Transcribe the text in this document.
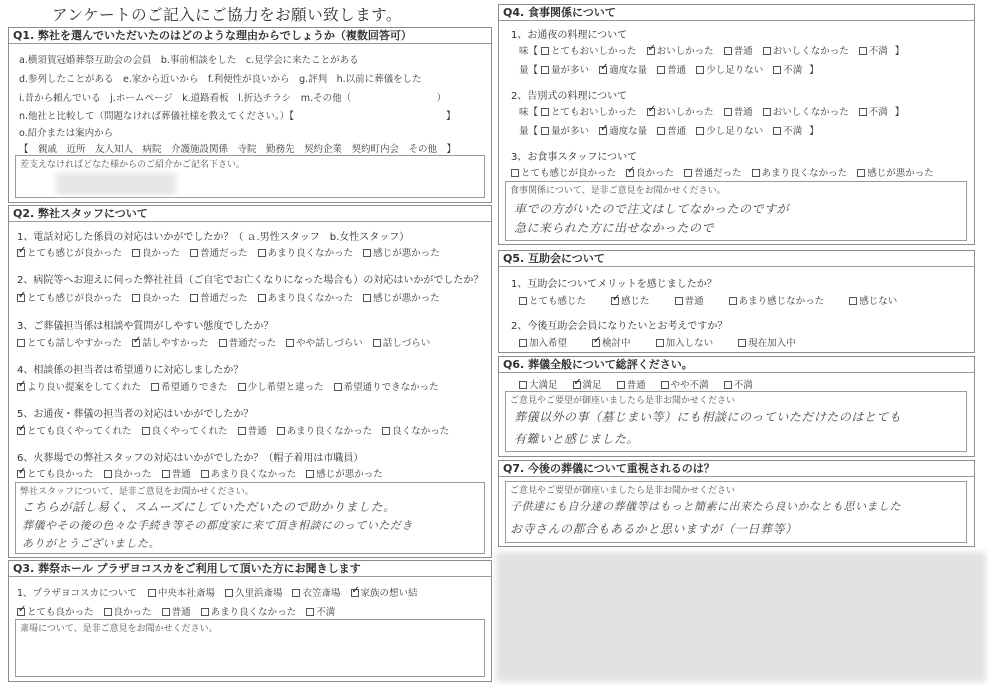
アンケートのご記入にご協力をお願い致します。
Q1. 弊社を選んでいただいたのはどのような理由からでしょうか（複数回答可）
a.横須賀冠婚葬祭互助会の会員　b.事前相談をした　c.見学会に来たことがある
d.参列したことがある　e.家から近いから　f.利便性が良いから　g.評判　h.以前に葬儀をした
i.昔から頼んでいる　j.ホームページ　k.道路看板　l.折込チラシ　m.その他（　　　　　　　　　）
n.他社と比較して（問題なければ葬儀社様を教えてください。）【　　　　　　　　　　　　　　　　】
o.紹介または案内から
【　親戚　近所　友人知人　病院　介護施設関係　寺院　勤務先　契約企業　契約町内会　その他　】
差支えなければどなた様からのご紹介かご記名下さい。
Q2. 弊社スタッフについて
1、電話対応した係員の対応はいかがでしたか？（ ａ.男性スタッフ　b.女性スタッフ）
✓とても感じが良かった 良かった 普通だった あまり良くなかった 感じが悪かった
2、病院等へお迎えに伺った弊社社員（ご自宅でお亡くなりになった場合も）の対応はいかがでしたか？
✓とても感じが良かった 良かった 普通だった あまり良くなかった 感じが悪かった
3、ご葬儀担当係は相談や質問がしやすい態度でしたか？
とても話しやすかった ✓ 話しやすかった 普通だった やや話しづらい 話しづらい
4、相談係の担当者は希望通りに対応しましたか？
✓より良い提案をしてくれた 希望通りできた 少し希望と違った 希望通りできなかった
5、お通夜・葬儀の担当者の対応はいかがでしたか？
✓とても良くやってくれた 良くやってくれた 普通 あまり良くなかった 良くなかった
6、火葬場での弊社スタッフの対応はいかがでしたか？（帽子着用は市職員）
✓とても良かった 良かった 普通 あまり良くなかった 感じが悪かった
弊社スタッフについて、是非ご意見をお聞かせください。
こちらが話し易く、スムーズにしていただいたので助かりました。
葬儀やその後の色々な手続き等その都度家に来て頂き相談にのっていただき
ありがとうございました。
Q3. 葬祭ホール プラザヨコスカをご利用して頂いた方にお聞きします
1、プラザヨコスカについて 中央本社斎場 久里浜斎場 衣笠斎場 ✓ 家族の想い結
✓とても良かった 良かった 普通 あまり良くなかった 不満
斎場について、是非ご意見をお聞かせください。
Q4. 食事関係について
1、お通夜の料理について
味【 とてもおいしかった ✓ おいしかった 普通 おいしくなかった 不満 】
量【 量が多い ✓ 適度な量 普通 少し足りない 不満 】
2、告別式の料理について
味【 とてもおいしかった ✓ おいしかった 普通 おいしくなかった 不満 】
量【 量が多い ✓ 適度な量 普通 少し足りない 不満 】
3、お食事スタッフについて
とても感じが良かった ✓ 良かった 普通だった あまり良くなかった 感じが悪かった
食事関係について、是非ご意見をお聞かせください。
車での方がいたので注文はしてなかったのですが
急に来られた方に出せなかったので
Q5. 互助会について
1、互助会についてメリットを感じましたか？
とても感じた ✓	感じた	普通	あまり感じなかった	感じない
2、今後互助会会員になりたいとお考えですか？
加入希望 ✓	検討中	加入しない	現在加入中
Q6. 葬儀全般について総評ください。
大満足 ✓	満足	普通	やや不満	不満
ご意見やご要望が御座いましたら是非お聞かせください
葬儀以外の事（墓じまい等）にも相談にのっていただけたのはとても
有難いと感じました。
Q7. 今後の葬儀について重視されるのは？
ご意見やご要望が御座いましたら是非お聞かせください
子供達にも自分達の葬儀等はもっと簡素に出来たら良いかなとも思いました
お寺さんの都合もあるかと思いますが（一日葬等）
